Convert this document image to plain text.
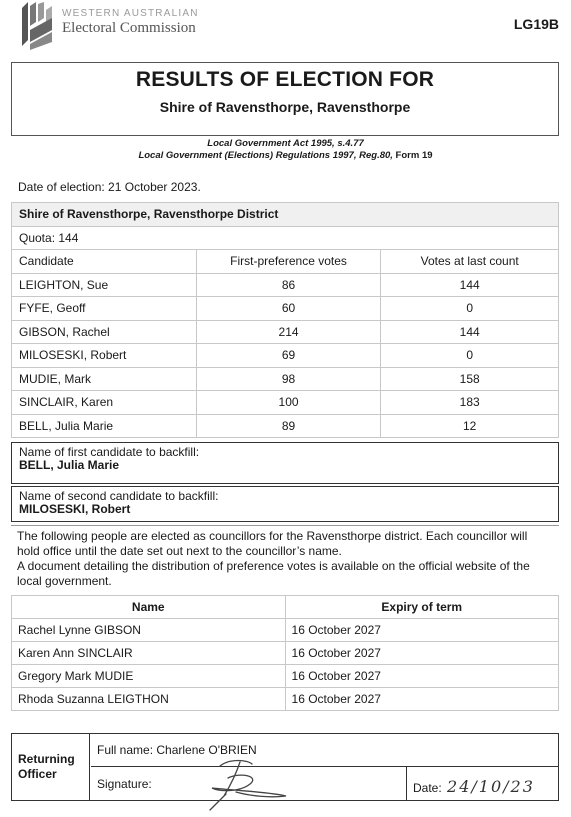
WESTERN AUSTRALIAN
Electoral Commission	LG19B
RESULTS OF ELECTION FOR
Shire of Ravensthorpe, Ravensthorpe
Local Government Act 1995, s.4.77
Local Government (Elections) Regulations 1997, Reg.80, Form 19
Date of election: 21 October 2023.
Shire of Ravensthorpe, Ravensthorpe District		
Quota: 144		
Candidate	First-preference votes	Votes at last count
LEIGHTON, Sue	86	144
FYFE, Geoff	60	0
GIBSON, Rachel	214	144
MILOSESKI, Robert	69	0
MUDIE, Mark	98	158
SINCLAIR, Karen	100	183
BELL, Julia Marie	89	12
Name of first candidate to backfill:
BELL, Julia Marie
Name of second candidate to backfill:
MILOSESKI, Robert
The following people are elected as councillors for the Ravensthorpe district. Each councillor will hold office until the date set out next to the councillor’s name.
A document detailing the distribution of preference votes is available on the official website of the local government.
Name	Expiry of term
Rachel Lynne GIBSON	16 October 2027
Karen Ann SINCLAIR	16 October 2027
Gregory Mark MUDIE	16 October 2027
Rhoda Suzanna LEIGTHON	16 October 2027
Returning
Officer
Full name: Charlene O'BRIEN
Signature:	Date: 24/10/23
